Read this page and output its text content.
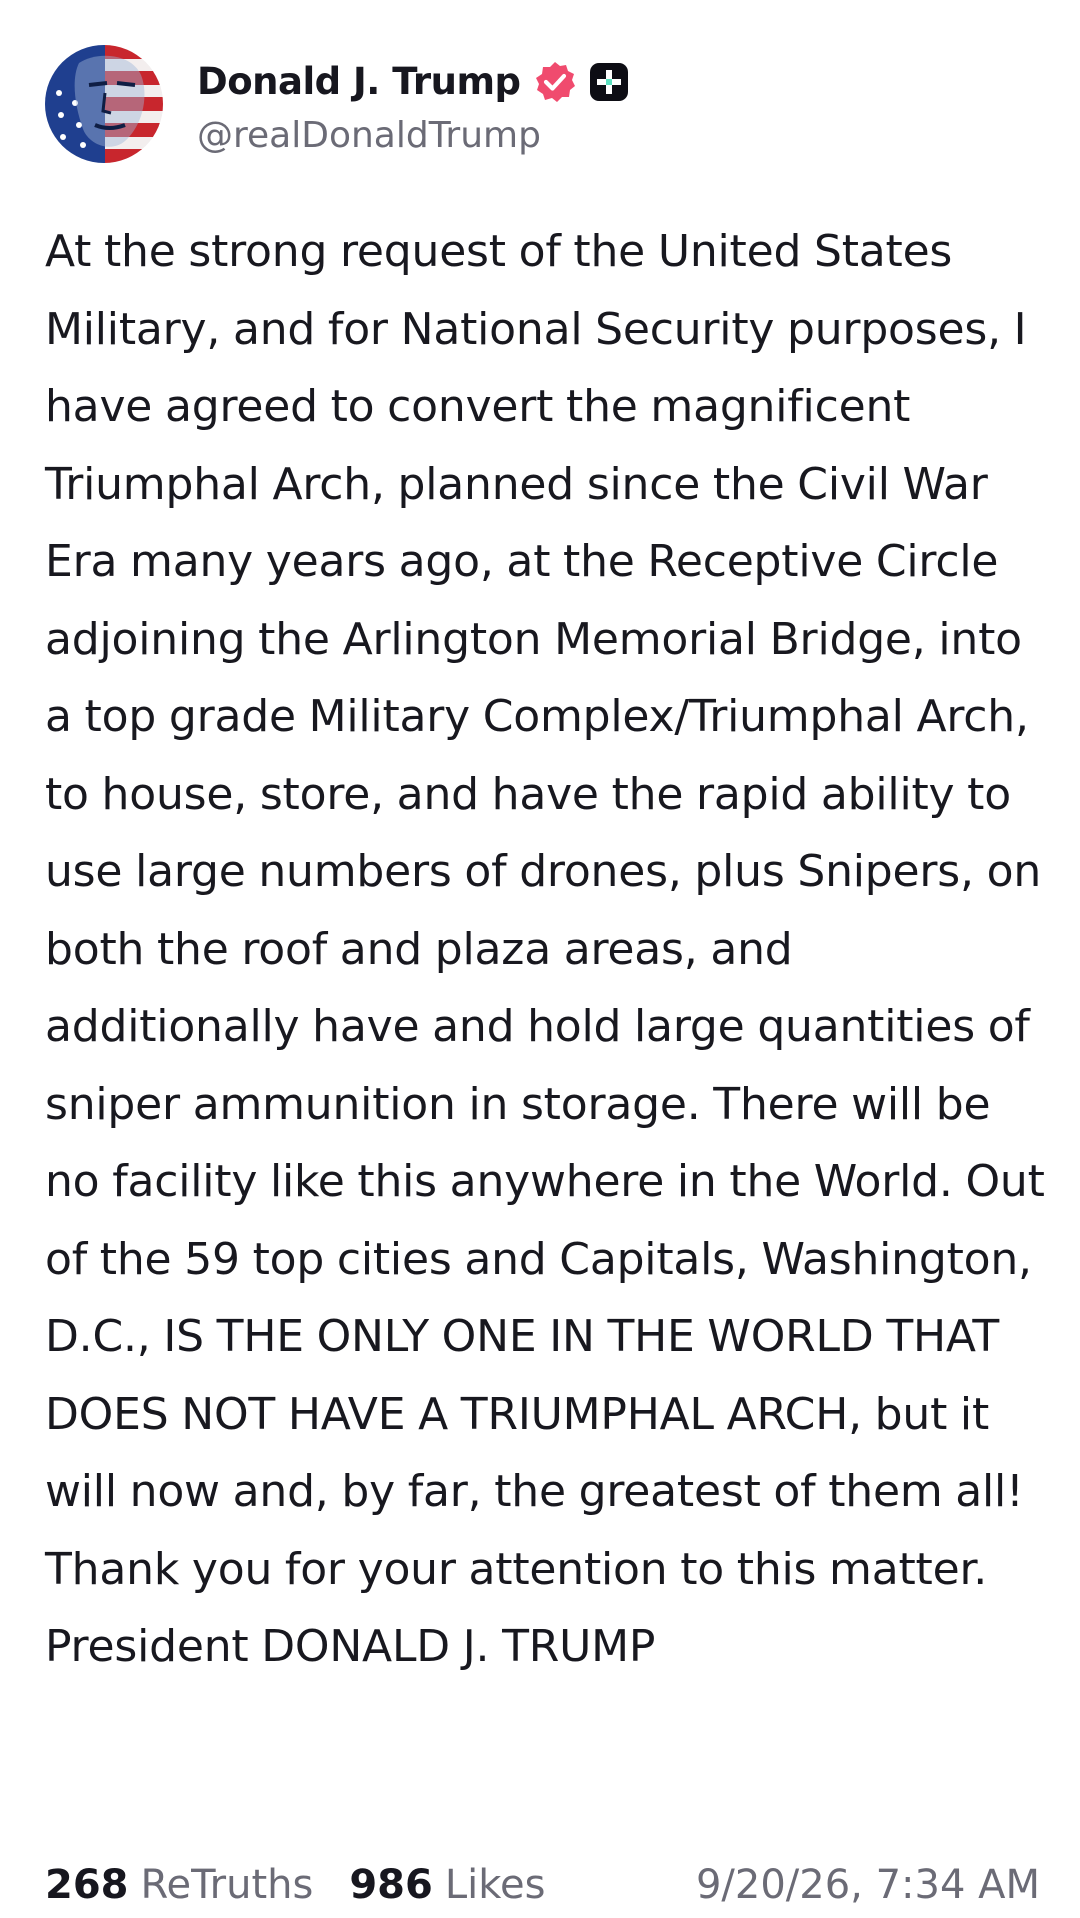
Donald J. Trump
@realDonaldTrump
At the strong request of the United States Military, and for National Security purposes, I have agreed to convert the magnificent Triumphal Arch, planned since the Civil War Era many years ago, at the Receptive Circle adjoining the Arlington Memorial Bridge, into a top grade Military Complex/Triumphal Arch, to house, store, and have the rapid ability to use large numbers of drones, plus Snipers, on both the roof and plaza areas, and additionally have and hold large quantities of sniper ammunition in storage. There will be no facility like this anywhere in the World. Out of the 59 top cities and Capitals, Washington, D.C., IS THE ONLY ONE IN THE WORLD THAT DOES NOT HAVE A TRIUMPHAL ARCH, but it will now and, by far, the greatest of them all! Thank you for your attention to this matter. President DONALD J. TRUMP
268 ReTruths 986 Likes	9/20/26, 7:34 AM
